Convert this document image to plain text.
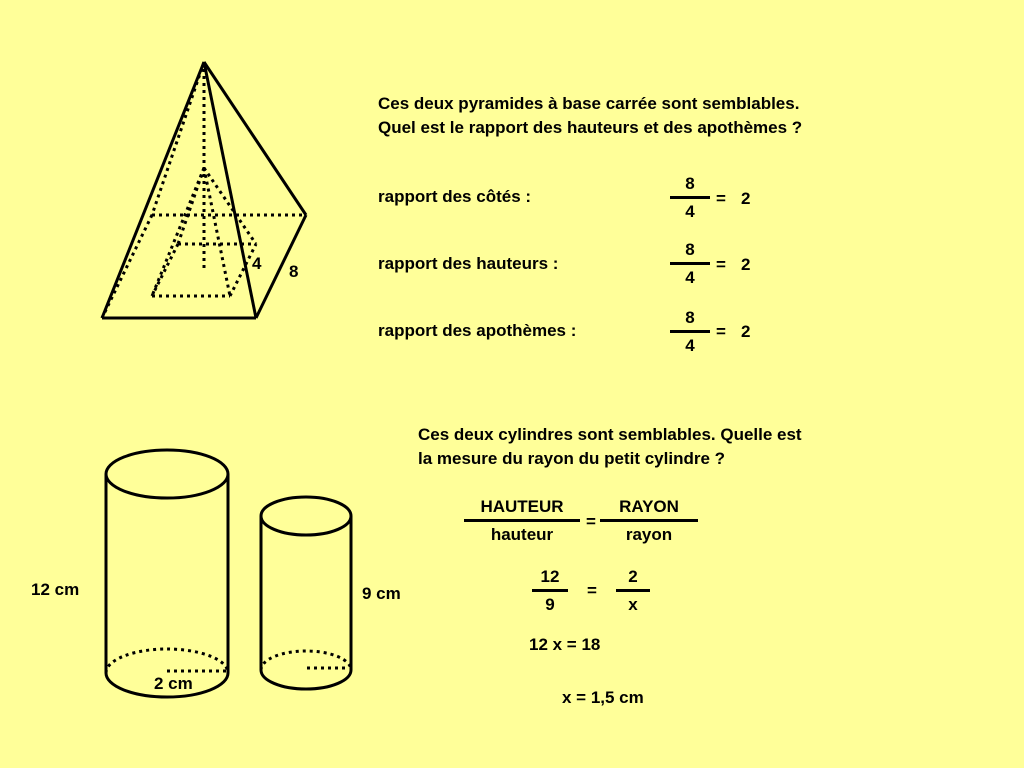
4 8
Ces deux pyramides à base carrée sont semblables.
Quel est le rapport des hauteurs et des apothèmes ?
rapport des côtés :
8
4
= 2
rapport des hauteurs :
8
4
= 2
rapport des apothèmes :
8
4
= 2
12 cm	9 cm
2 cm
Ces deux cylindres sont semblables. Quelle est
la mesure du rayon du petit cylindre ?
HAUTEUR
hauteur
=
RAYON
rayon
12
9
=
2
x
12 x = 18
x = 1,5 cm
